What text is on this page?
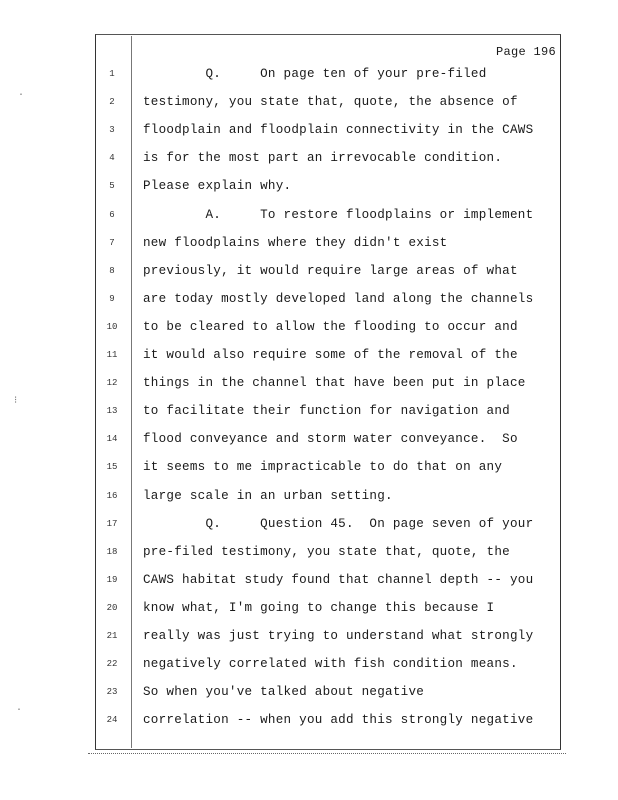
·
⁝
·
Page 196
1	Q.     On page ten of your pre-filed
2	testimony, you state that, quote, the absence of
3	floodplain and floodplain connectivity in the CAWS
4	is for the most part an irrevocable condition.
5	Please explain why.
6	A.     To restore floodplains or implement
7	new floodplains where they didn't exist
8	previously, it would require large areas of what
9	are today mostly developed land along the channels
10	to be cleared to allow the flooding to occur and
11	it would also require some of the removal of the
12	things in the channel that have been put in place
13	to facilitate their function for navigation and
14	flood conveyance and storm water conveyance.  So
15	it seems to me impracticable to do that on any
16	large scale in an urban setting.
17	Q.     Question 45.  On page seven of your
18	pre-filed testimony, you state that, quote, the
19	CAWS habitat study found that channel depth -- you
20	know what, I'm going to change this because I
21	really was just trying to understand what strongly
22	negatively correlated with fish condition means.
23	So when you've talked about negative
24	correlation -- when you add this strongly negative
